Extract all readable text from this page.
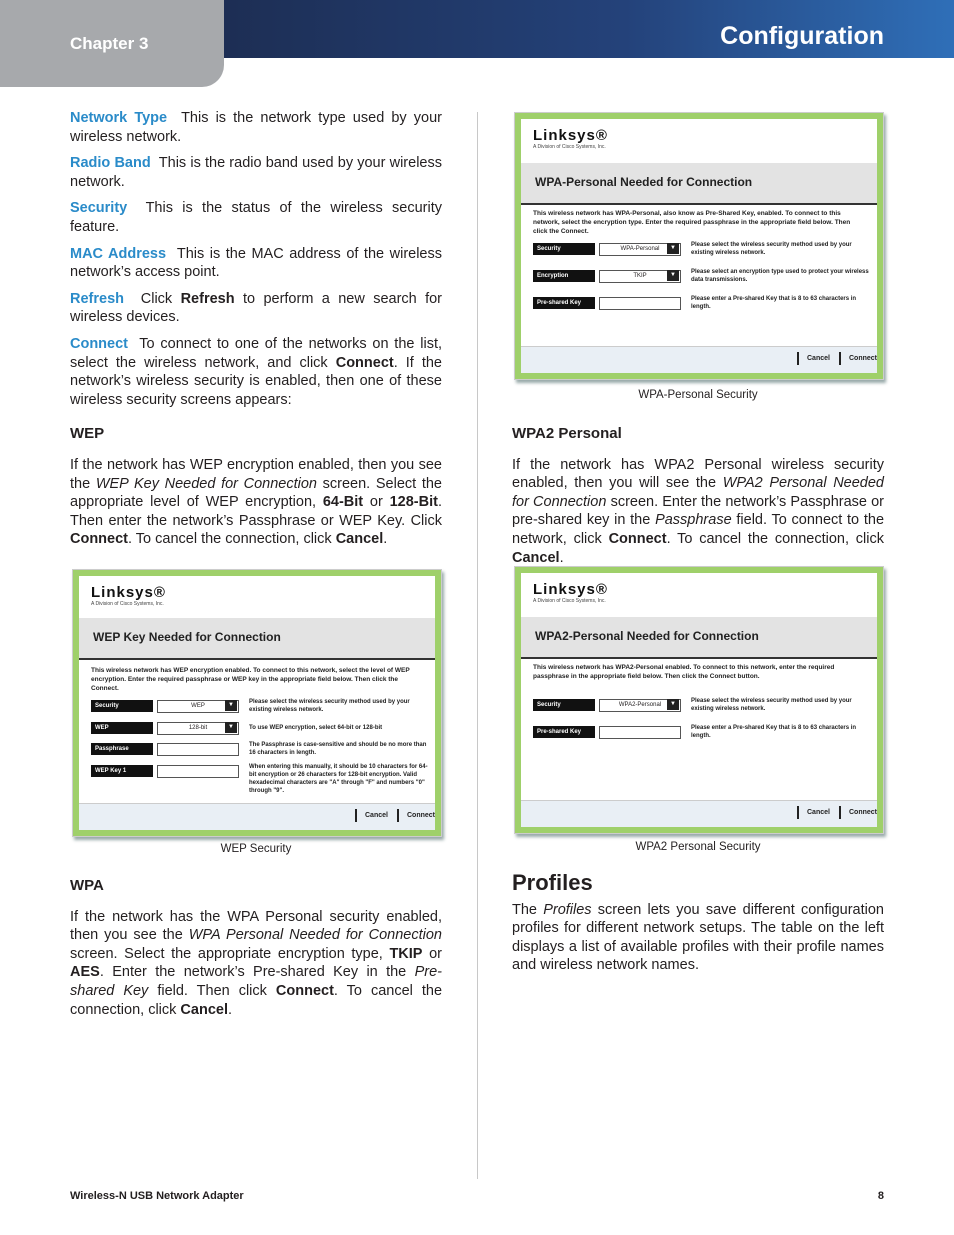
Chapter 3	Configuration

Network Type This is the network type used by your wireless network.

Radio Band This is the radio band used by your wireless network.

Security This is the status of the wireless security feature.

MAC Address This is the MAC address of the wireless network’s access point.

Refresh Click Refresh to perform a new search for wireless devices.

Connect To connect to one of the networks on the list, select the wireless network, and click Connect. If the network’s wireless security is enabled, then one of these wireless security screens appears:

WEP

If the network has WEP encryption enabled, then you see the WEP Key Needed for Connection screen. Select the appropriate level of WEP encryption, 64-Bit or 128-Bit. Then enter the network’s Passphrase or WEP Key. Click Connect. To cancel the connection, click Cancel.

WPA

If the network has the WPA Personal security enabled, then you see the WPA Personal Needed for Connection screen. Select the appropriate encryption type, TKIP or AES. Enter the network’s Pre-shared Key in the Pre-shared Key field. Then click Connect. To cancel the connection, click Cancel.

Linksys®
A Division of Cisco Systems, Inc.
WEP Key Needed for Connection
This wireless network has WEP encryption enabled. To connect to this network, select the level of WEP encryption. Enter the required passphrase or WEP key in the appropriate field below. Then click the Connect.
Security	WEP	▼	Please select the wireless security method used by your existing wireless network.
WEP	128-bit	▼	To use WEP encryption, select 64-bit or 128-bit
Passphrase
The Passphrase is case-sensitive and should be no more than 16 characters in length.
WEP Key 1
When entering this manually, it should be 10 characters for 64-bit encryption or 26 characters for 128-bit encryption. Valid hexadecimal characters are "A" through "F" and numbers "0" through "9".
Cancel	Connect
WEP Security
Linksys®
A Division of Cisco Systems, Inc.
WPA-Personal Needed for Connection
This wireless network has WPA-Personal, also know as Pre-Shared Key, enabled. To connect to this network, select the encryption type. Enter the required passphrase in the appropriate field below. Then click the Connect.
Security	WPA-Personal	▼	Please select the wireless security method used by your existing wireless network.
Encryption	TKIP	▼	Please select an encryption type used to protect your wireless data transmissions.
Pre-shared Key
Please enter a Pre-shared Key that is 8 to 63 characters in length.
Cancel	Connect
WPA-Personal Security
WPA2 Personal

If the network has WPA2 Personal wireless security enabled, then you will see the WPA2 Personal Needed for Connection screen. Enter the network’s Passphrase or pre-shared key in the Passphrase field. To connect to the network, click Connect. To cancel the connection, click Cancel.

Linksys®
A Division of Cisco Systems, Inc.
WPA2-Personal Needed for Connection
This wireless network has WPA2-Personal enabled. To connect to this network, enter the required passphrase in the appropriate field below. Then click the Connect button.
Security	WPA2-Personal	▼	Please select the wireless security method used by your existing wireless network.
Pre-shared Key
Please enter a Pre-shared Key that is 8 to 63 characters in length.
Cancel	Connect
WPA2 Personal Security
Profiles

The Profiles screen lets you save different configuration profiles for different network setups. The table on the left displays a list of available profiles with their profile names and wireless network names.

Wireless-N USB Network Adapter	8
